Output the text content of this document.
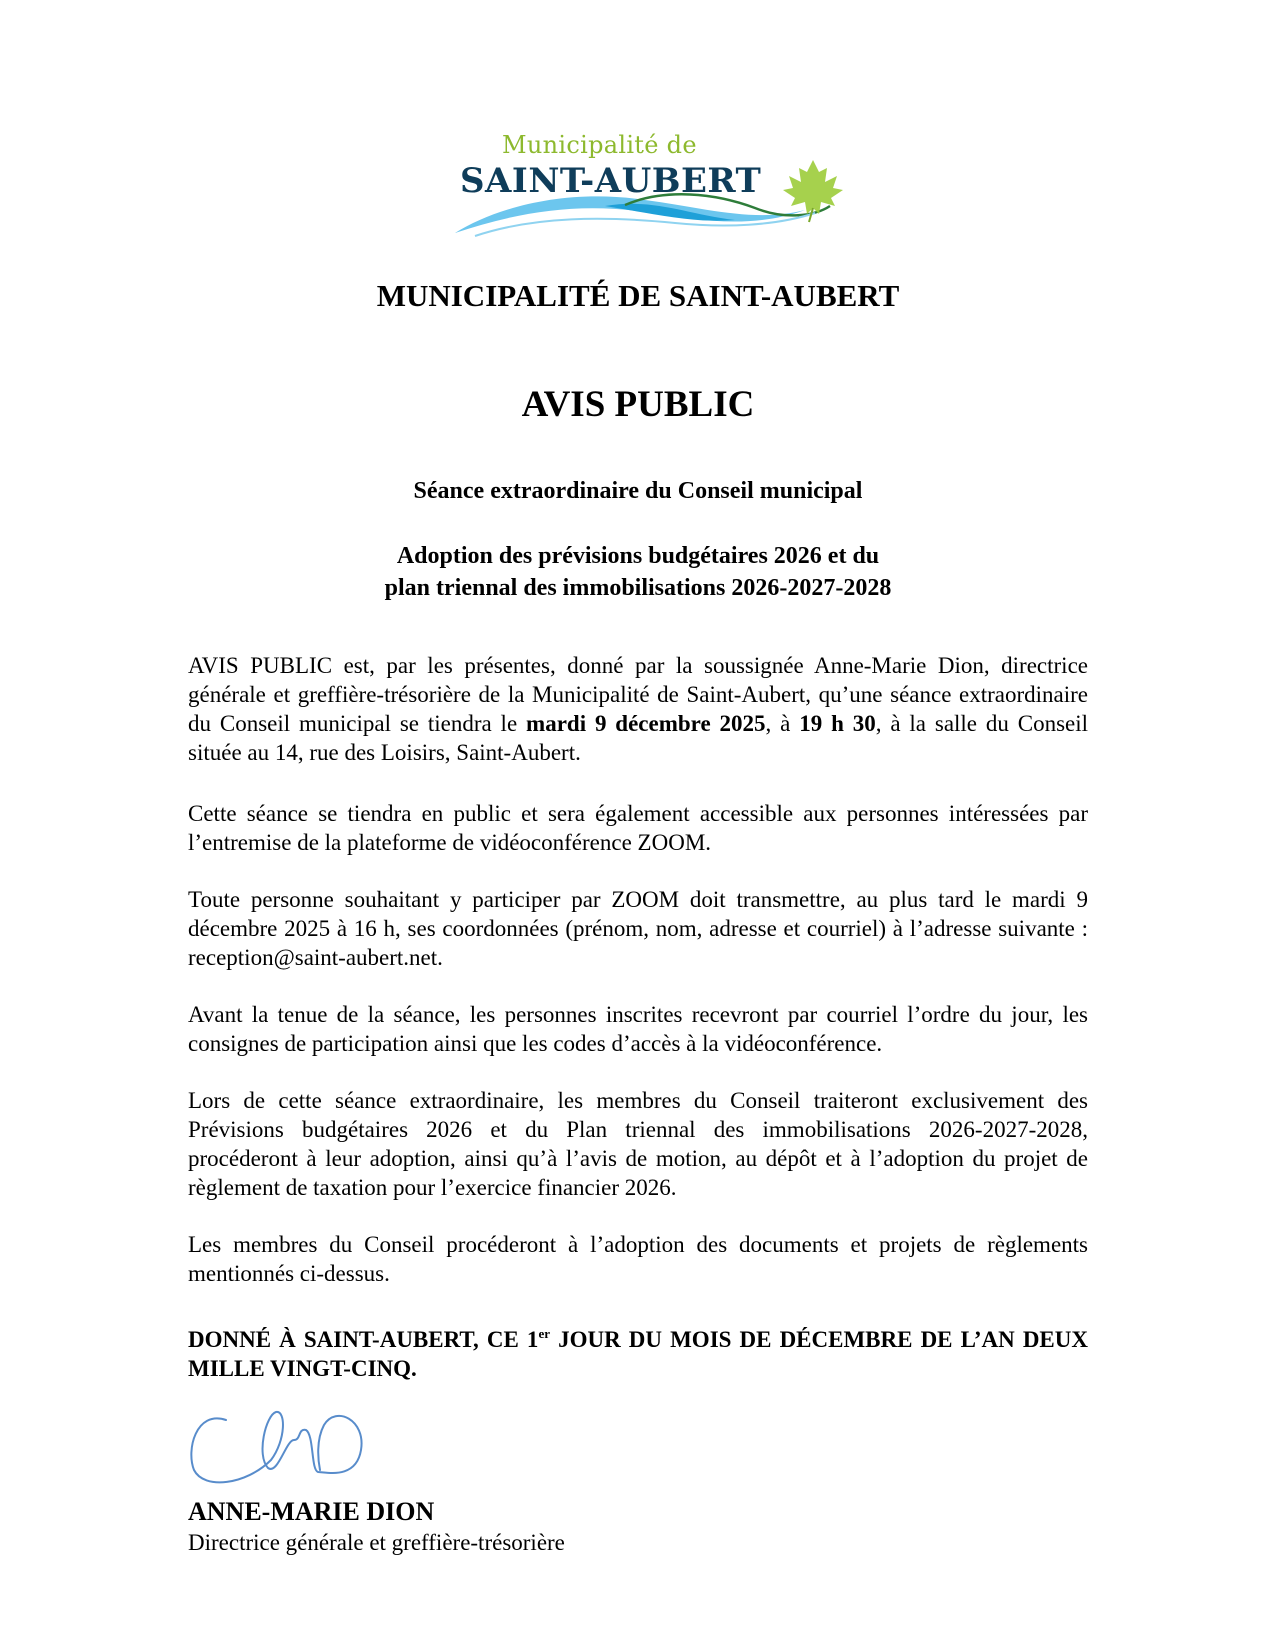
Municipalité de
SAINT-AUBERT
MUNICIPALITÉ DE SAINT-AUBERT
AVIS PUBLIC
Séance extraordinaire du Conseil municipal
Adoption des prévisions budgétaires 2026 et du
plan triennal des immobilisations 2026-2027-2028
AVIS PUBLIC est, par les présentes, donné par la soussignée Anne-Marie Dion, directrice générale et greffière-trésorière de la Municipalité de Saint-Aubert, qu’une séance extraordinaire du Conseil municipal se tiendra le mardi 9 décembre 2025, à 19 h 30, à la salle du Conseil située au 14, rue des Loisirs, Saint-Aubert.
Cette séance se tiendra en public et sera également accessible aux personnes intéressées par l’entremise de la plateforme de vidéoconférence ZOOM.
Toute personne souhaitant y participer par ZOOM doit transmettre, au plus tard le mardi 9 décembre 2025 à 16 h, ses coordonnées (prénom, nom, adresse et courriel) à l’adresse suivante : reception@saint-aubert.net.
Avant la tenue de la séance, les personnes inscrites recevront par courriel l’ordre du jour, les consignes de participation ainsi que les codes d’accès à la vidéoconférence.
Lors de cette séance extraordinaire, les membres du Conseil traiteront exclusivement des Prévisions budgétaires 2026 et du Plan triennal des immobilisations 2026-2027-2028, procéderont à leur adoption, ainsi qu’à l’avis de motion, au dépôt et à l’adoption du projet de règlement de taxation pour l’exercice financier 2026.
Les membres du Conseil procéderont à l’adoption des documents et projets de règlements mentionnés ci-dessus.
DONNÉ À SAINT-AUBERT, CE 1er JOUR DU MOIS DE DÉCEMBRE DE L’AN DEUX MILLE VINGT-CINQ.
ANNE-MARIE DION
Directrice générale et greffière-trésorière
